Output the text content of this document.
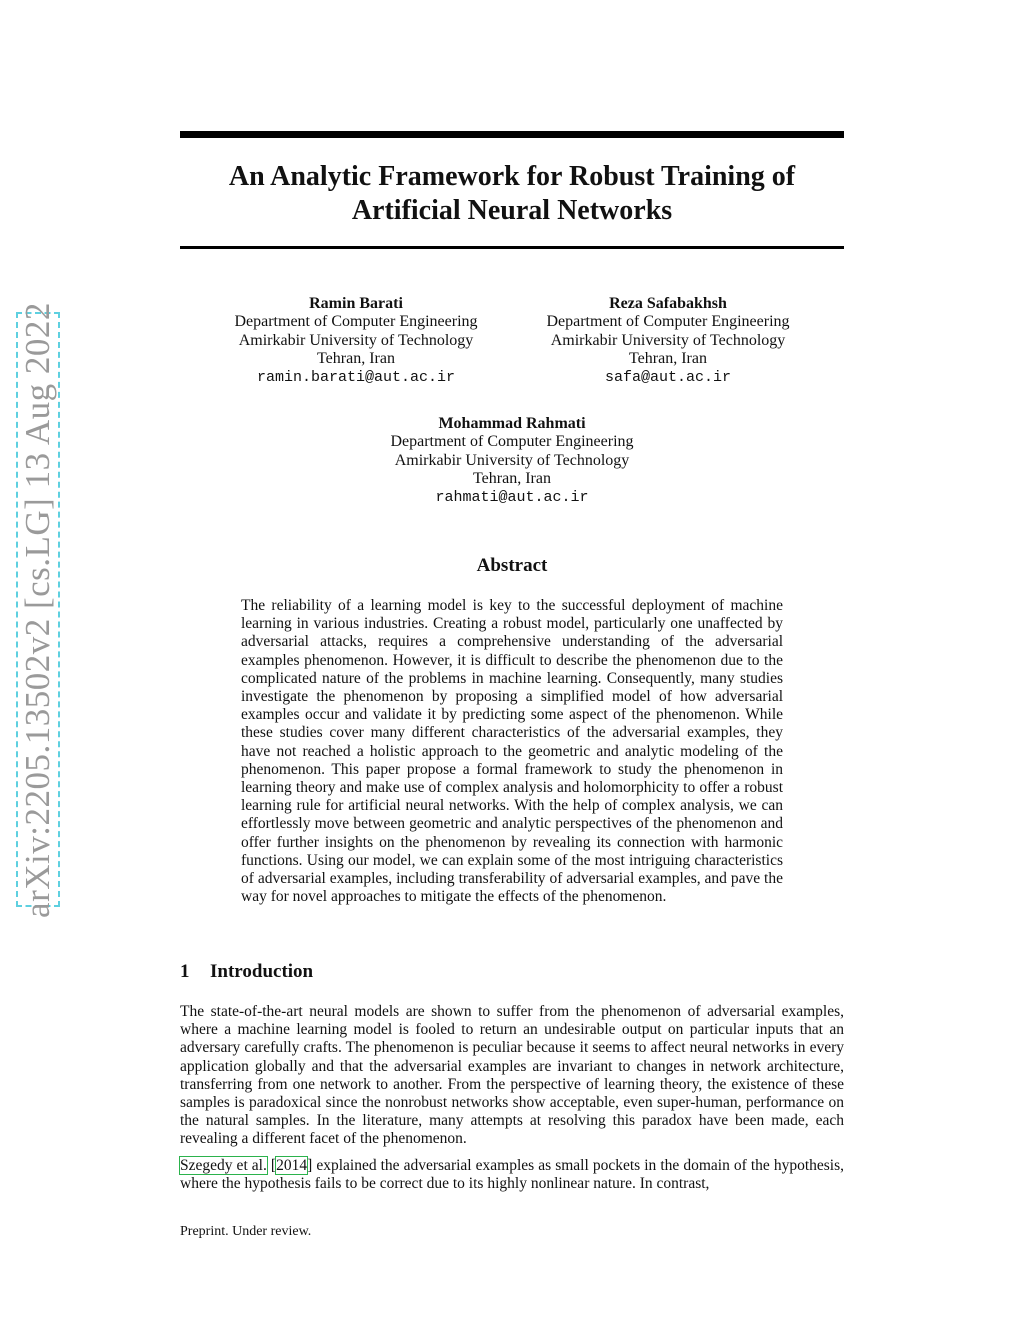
arXiv:2205.13502v2 [cs.LG] 13 Aug 2022
An Analytic Framework for Robust Training of Artificial Neural Networks
Ramin Barati
Department of Computer Engineering
Amirkabir University of Technology
Tehran, Iran
ramin.barati@aut.ac.ir
Reza Safabakhsh
Department of Computer Engineering
Amirkabir University of Technology
Tehran, Iran
safa@aut.ac.ir
Mohammad Rahmati
Department of Computer Engineering
Amirkabir University of Technology
Tehran, Iran
rahmati@aut.ac.ir
Abstract

The reliability of a learning model is key to the successful deployment of machine learning in various industries. Creating a robust model, particularly one unaffected by adversarial attacks, requires a comprehensive understanding of the adversarial examples phenomenon. However, it is difficult to describe the phenomenon due to the complicated nature of the problems in machine learning. Consequently, many studies investigate the phenomenon by proposing a simplified model of how adversarial examples occur and validate it by predicting some aspect of the phenomenon. While these studies cover many different characteristics of the adversarial examples, they have not reached a holistic approach to the geometric and analytic modeling of the phenomenon. This paper propose a formal framework to study the phenomenon in learning theory and make use of complex analysis and holomorphicity to offer a robust learning rule for artificial neural networks. With the help of complex analysis, we can effortlessly move between geometric and analytic perspectives of the phenomenon and offer further insights on the phenomenon by revealing its connection with harmonic functions. Using our model, we can explain some of the most intriguing characteristics of adversarial examples, including transferability of adversarial examples, and pave the way for novel approaches to mitigate the effects of the phenomenon.

1 Introduction

The state-of-the-art neural models are shown to suffer from the phenomenon of adversarial examples, where a machine learning model is fooled to return an undesirable output on particular inputs that an adversary carefully crafts. The phenomenon is peculiar because it seems to affect neural networks in every application globally and that the adversarial examples are invariant to changes in network architecture, transferring from one network to another. From the perspective of learning theory, the existence of these samples is paradoxical since the nonrobust networks show acceptable, even super-human, performance on the natural samples. In the literature, many attempts at resolving this paradox have been made, each revealing a different facet of the phenomenon.

Szegedy et al. [2014] explained the adversarial examples as small pockets in the domain of the hypothesis, where the hypothesis fails to be correct due to its highly nonlinear nature. In contrast,

Preprint. Under review.
